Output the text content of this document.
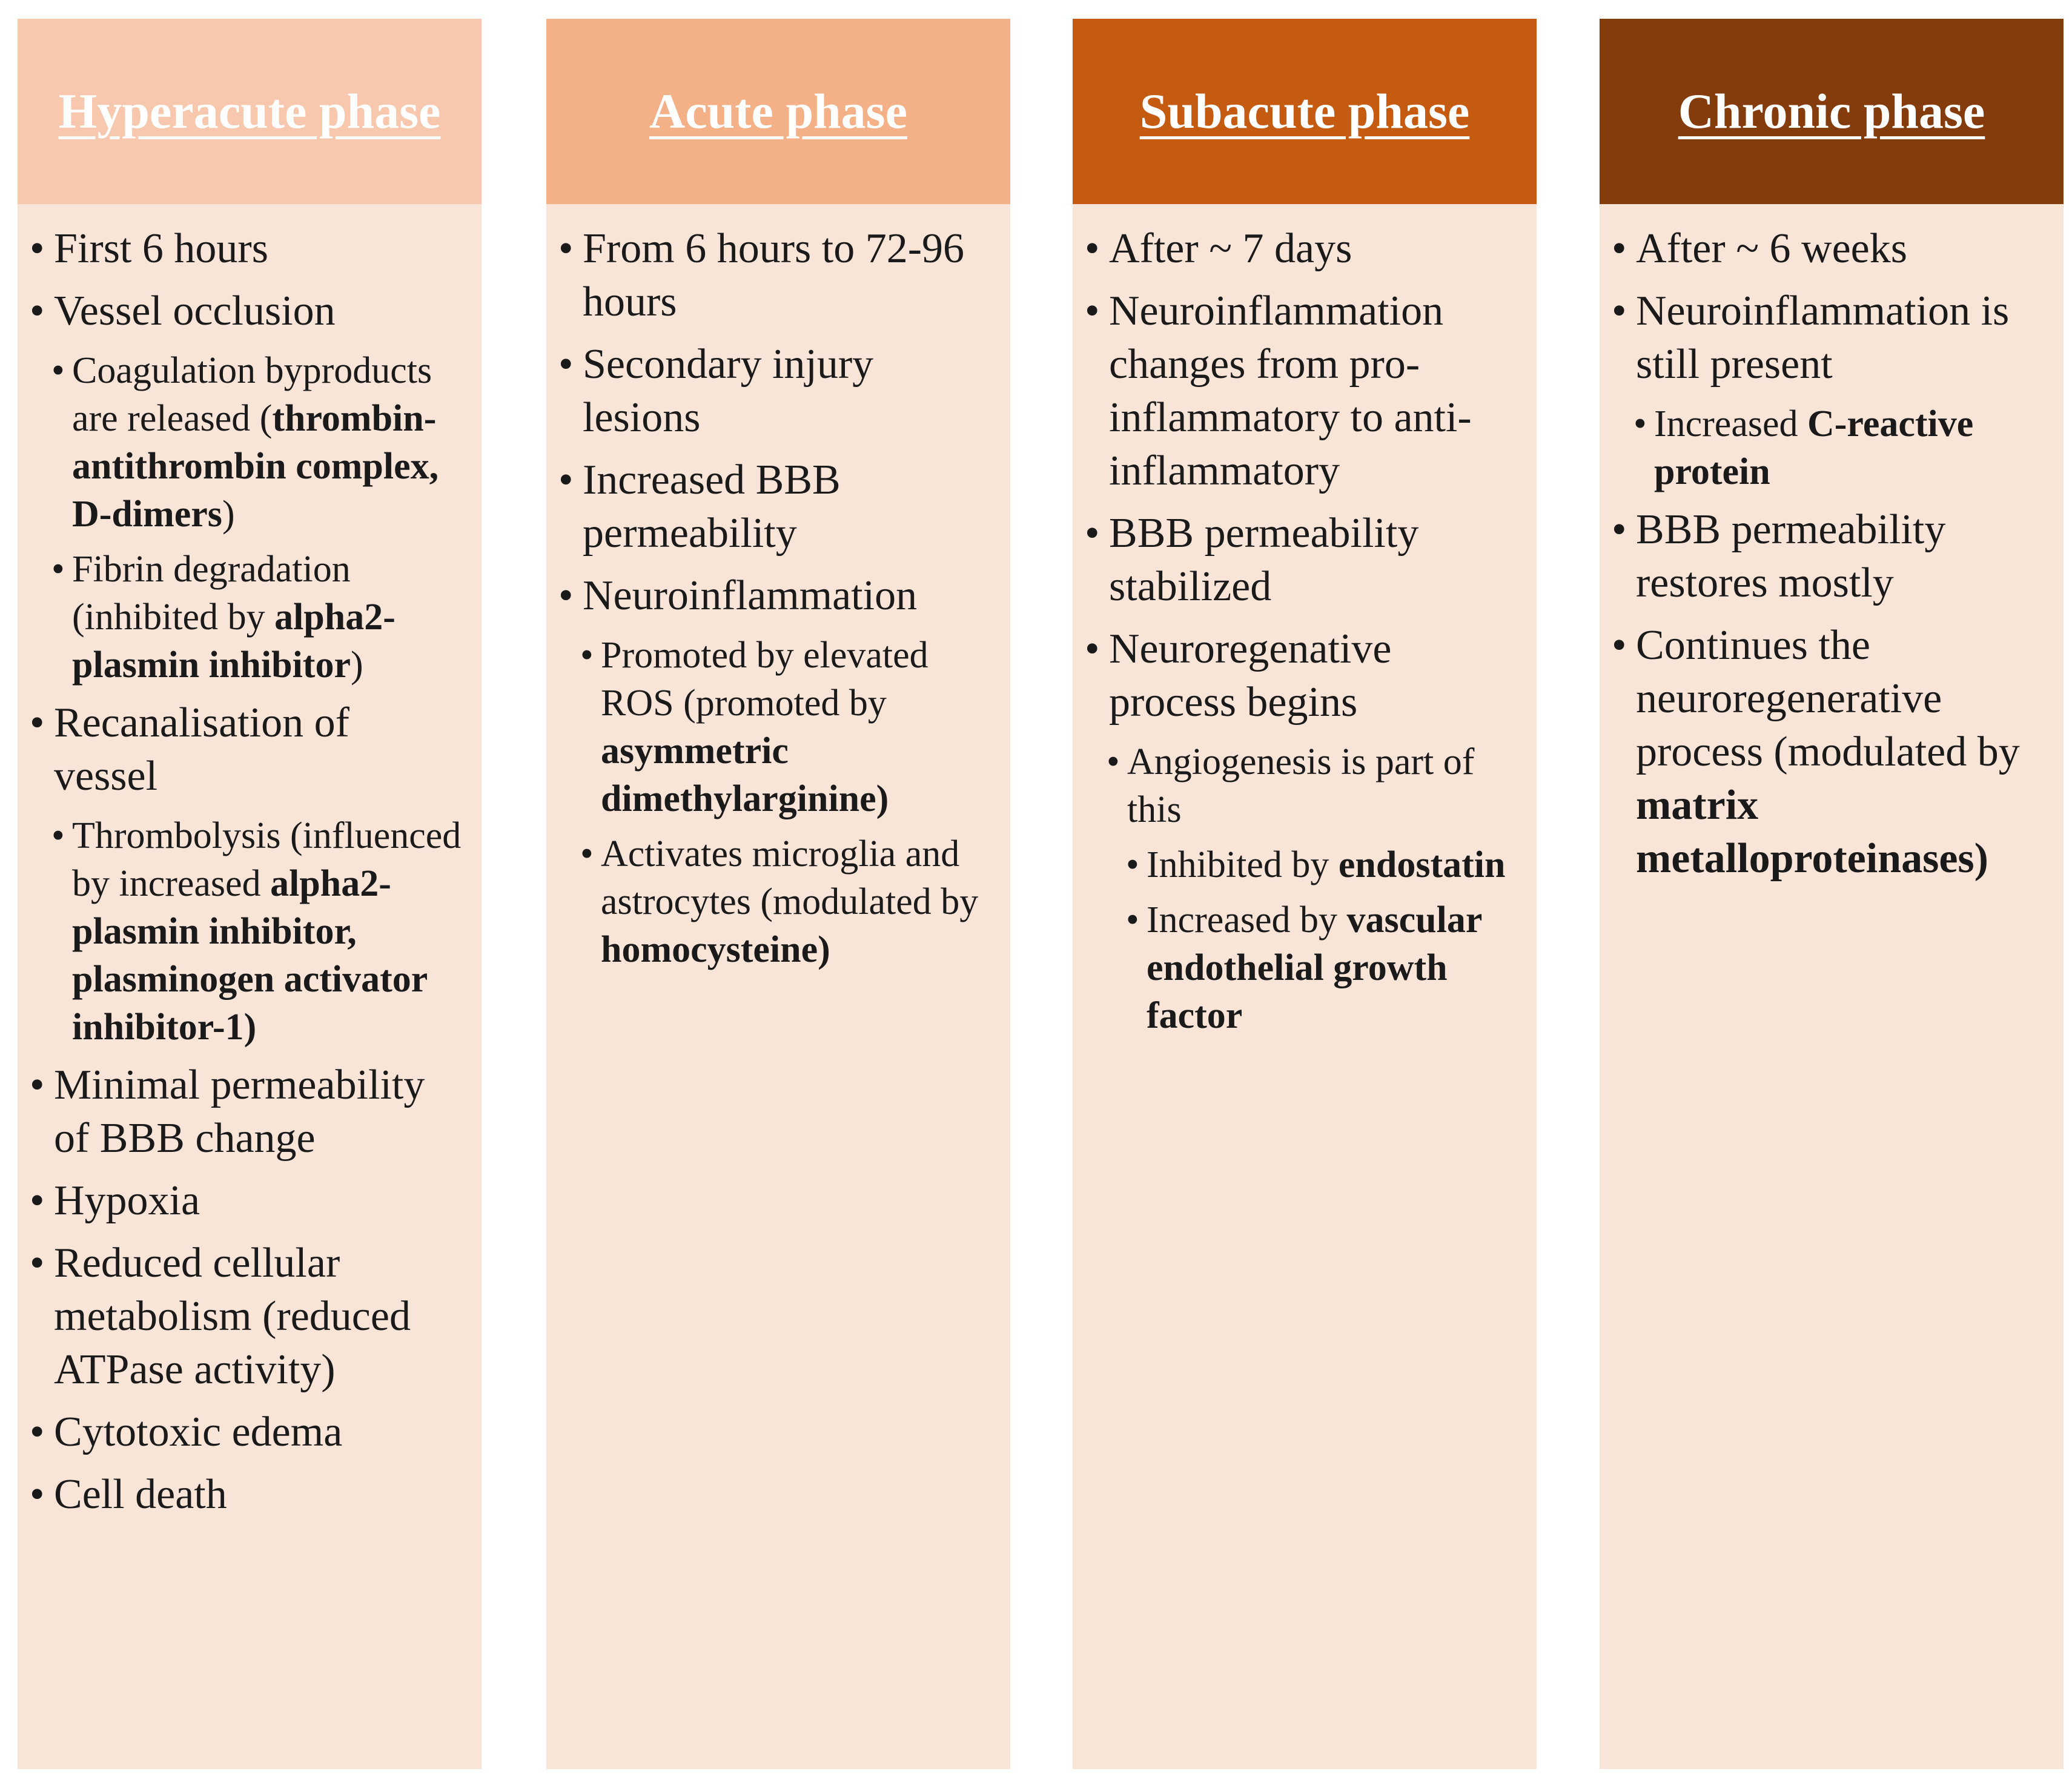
Hyperacute phase
• First 6 hours
• Vessel occlusion
• Coagulation byproducts are released (thrombin-antithrombin complex, D-dimers)
• Fibrin degradation (inhibited by alpha2-plasmin inhibitor)
• Recanalisation of vessel
• Thrombolysis (influenced by increased alpha2-plasmin inhibitor, plasminogen activator inhibitor-1)
• Minimal permeability of BBB change
• Hypoxia
• Reduced cellular metabolism (reduced ATPase activity)
• Cytotoxic edema
• Cell death
Acute phase
• From 6 hours to 72-96 hours
• Secondary injury lesions
• Increased BBB permeability
• Neuroinflammation
• Promoted by elevated ROS (promoted by asymmetric dimethylarginine)
• Activates microglia and astrocytes (modulated by homocysteine)
Subacute phase
• After ~ 7 days
• Neuroinflammation changes from pro-inflammatory to anti-inflammatory
• BBB permeability stabilized
• Neuroregenative process begins
• Angiogenesis is part of this
• Inhibited by endostatin
• Increased by vascular endothelial growth factor
Chronic phase
• After ~ 6 weeks
• Neuroinflammation is still present
• Increased C-reactive protein
• BBB permeability restores mostly
• Continues the neuroregenerative process (modulated by matrix metalloproteinases)
